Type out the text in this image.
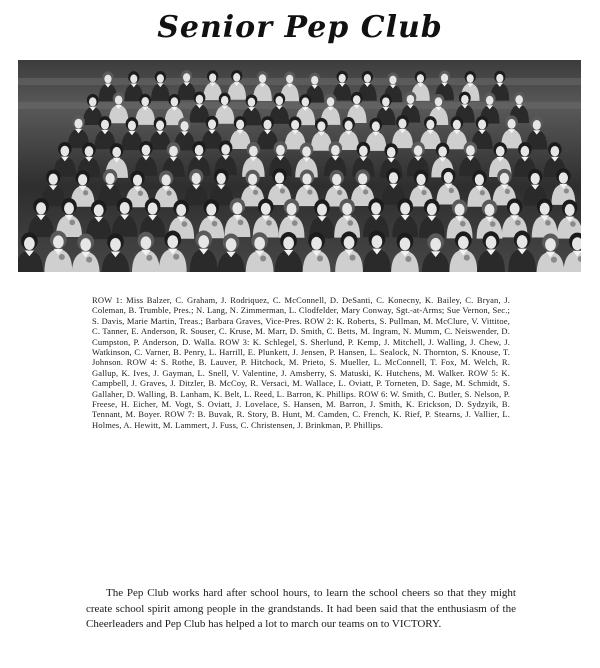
Senior Pep Club
ROW 1: Miss Balzer, C. Graham, J. Rodriquez, C. McConnell, D. DeSanti, C. Konecny, K. Bailey, C. Bryan, J. Coleman, B. Trumble, Pres.; N. Lang, N. Zimmerman, L. Clodfelder, Mary Conway, Sgt.-at-Arms; Sue Vernon, Sec.; S. Davis, Marie Martin, Treas.; Barbara Graves, Vice-Pres. ROW 2: K. Roberts, S. Pullman, M. McClure, V. Vittitoe, C. Tanner, E. Anderson, R. Souser, C. Kruse, M. Marr, D. Smith, C. Betts, M. Ingram, N. Mumm, C. Neiswender, D. Cumpston, P. Anderson, D. Walla. ROW 3: K. Schlegel, S. Sherlund, P. Kemp, J. Mitchell, J. Walling, J. Chew, J. Watkinson, C. Varner, B. Penry, L. Harrill, E. Plunkett, J. Jensen, P. Hansen, L. Sealock, N. Thornton, S. Knouse, T. Johnson. ROW 4: S. Rothe, B. Lauver, P. Hitchock, M. Prieto, S. Mueller, L. McConnell, T. Fox, M. Welch, R. Gallup, K. Ives, J. Gayman, L. Snell, V. Valentine, J. Amsberry, S. Matuski, K. Hutchens, M. Walker. ROW 5: K. Campbell, J. Graves, J. Ditzler, B. McCoy, R. Versaci, M. Wallace, L. Oviatt, P. Torneten, D. Sage, M. Schmidt, S. Gallaher, D. Walling, B. Lanham, K. Belt, L. Reed, L. Barron, K. Phillips. ROW 6: W. Smith, C. Butler, S. Nelson, P. Freese, H. Eicher, M. Vogt, S. Oviatt, J. Lovelace, S. Hansen, M. Barron, J. Smith, K. Erickson, D. Sydzyik, B. Tennant, M. Boyer. ROW 7: B. Buvak, R. Story, B. Hunt, M. Camden, C. French, K. Rief, P. Stearns, J. Vallier, L. Holmes, A. Hewitt, M. Lammert, J. Fuss, C. Christensen, J. Brinkman, P. Phillips.
The Pep Club works hard after school hours, to learn the school cheers so that they might create school spirit among people in the grandstands. It had been said that the enthusiasm of the Cheerleaders and Pep Club has helped a lot to march our teams on to VICTORY.
